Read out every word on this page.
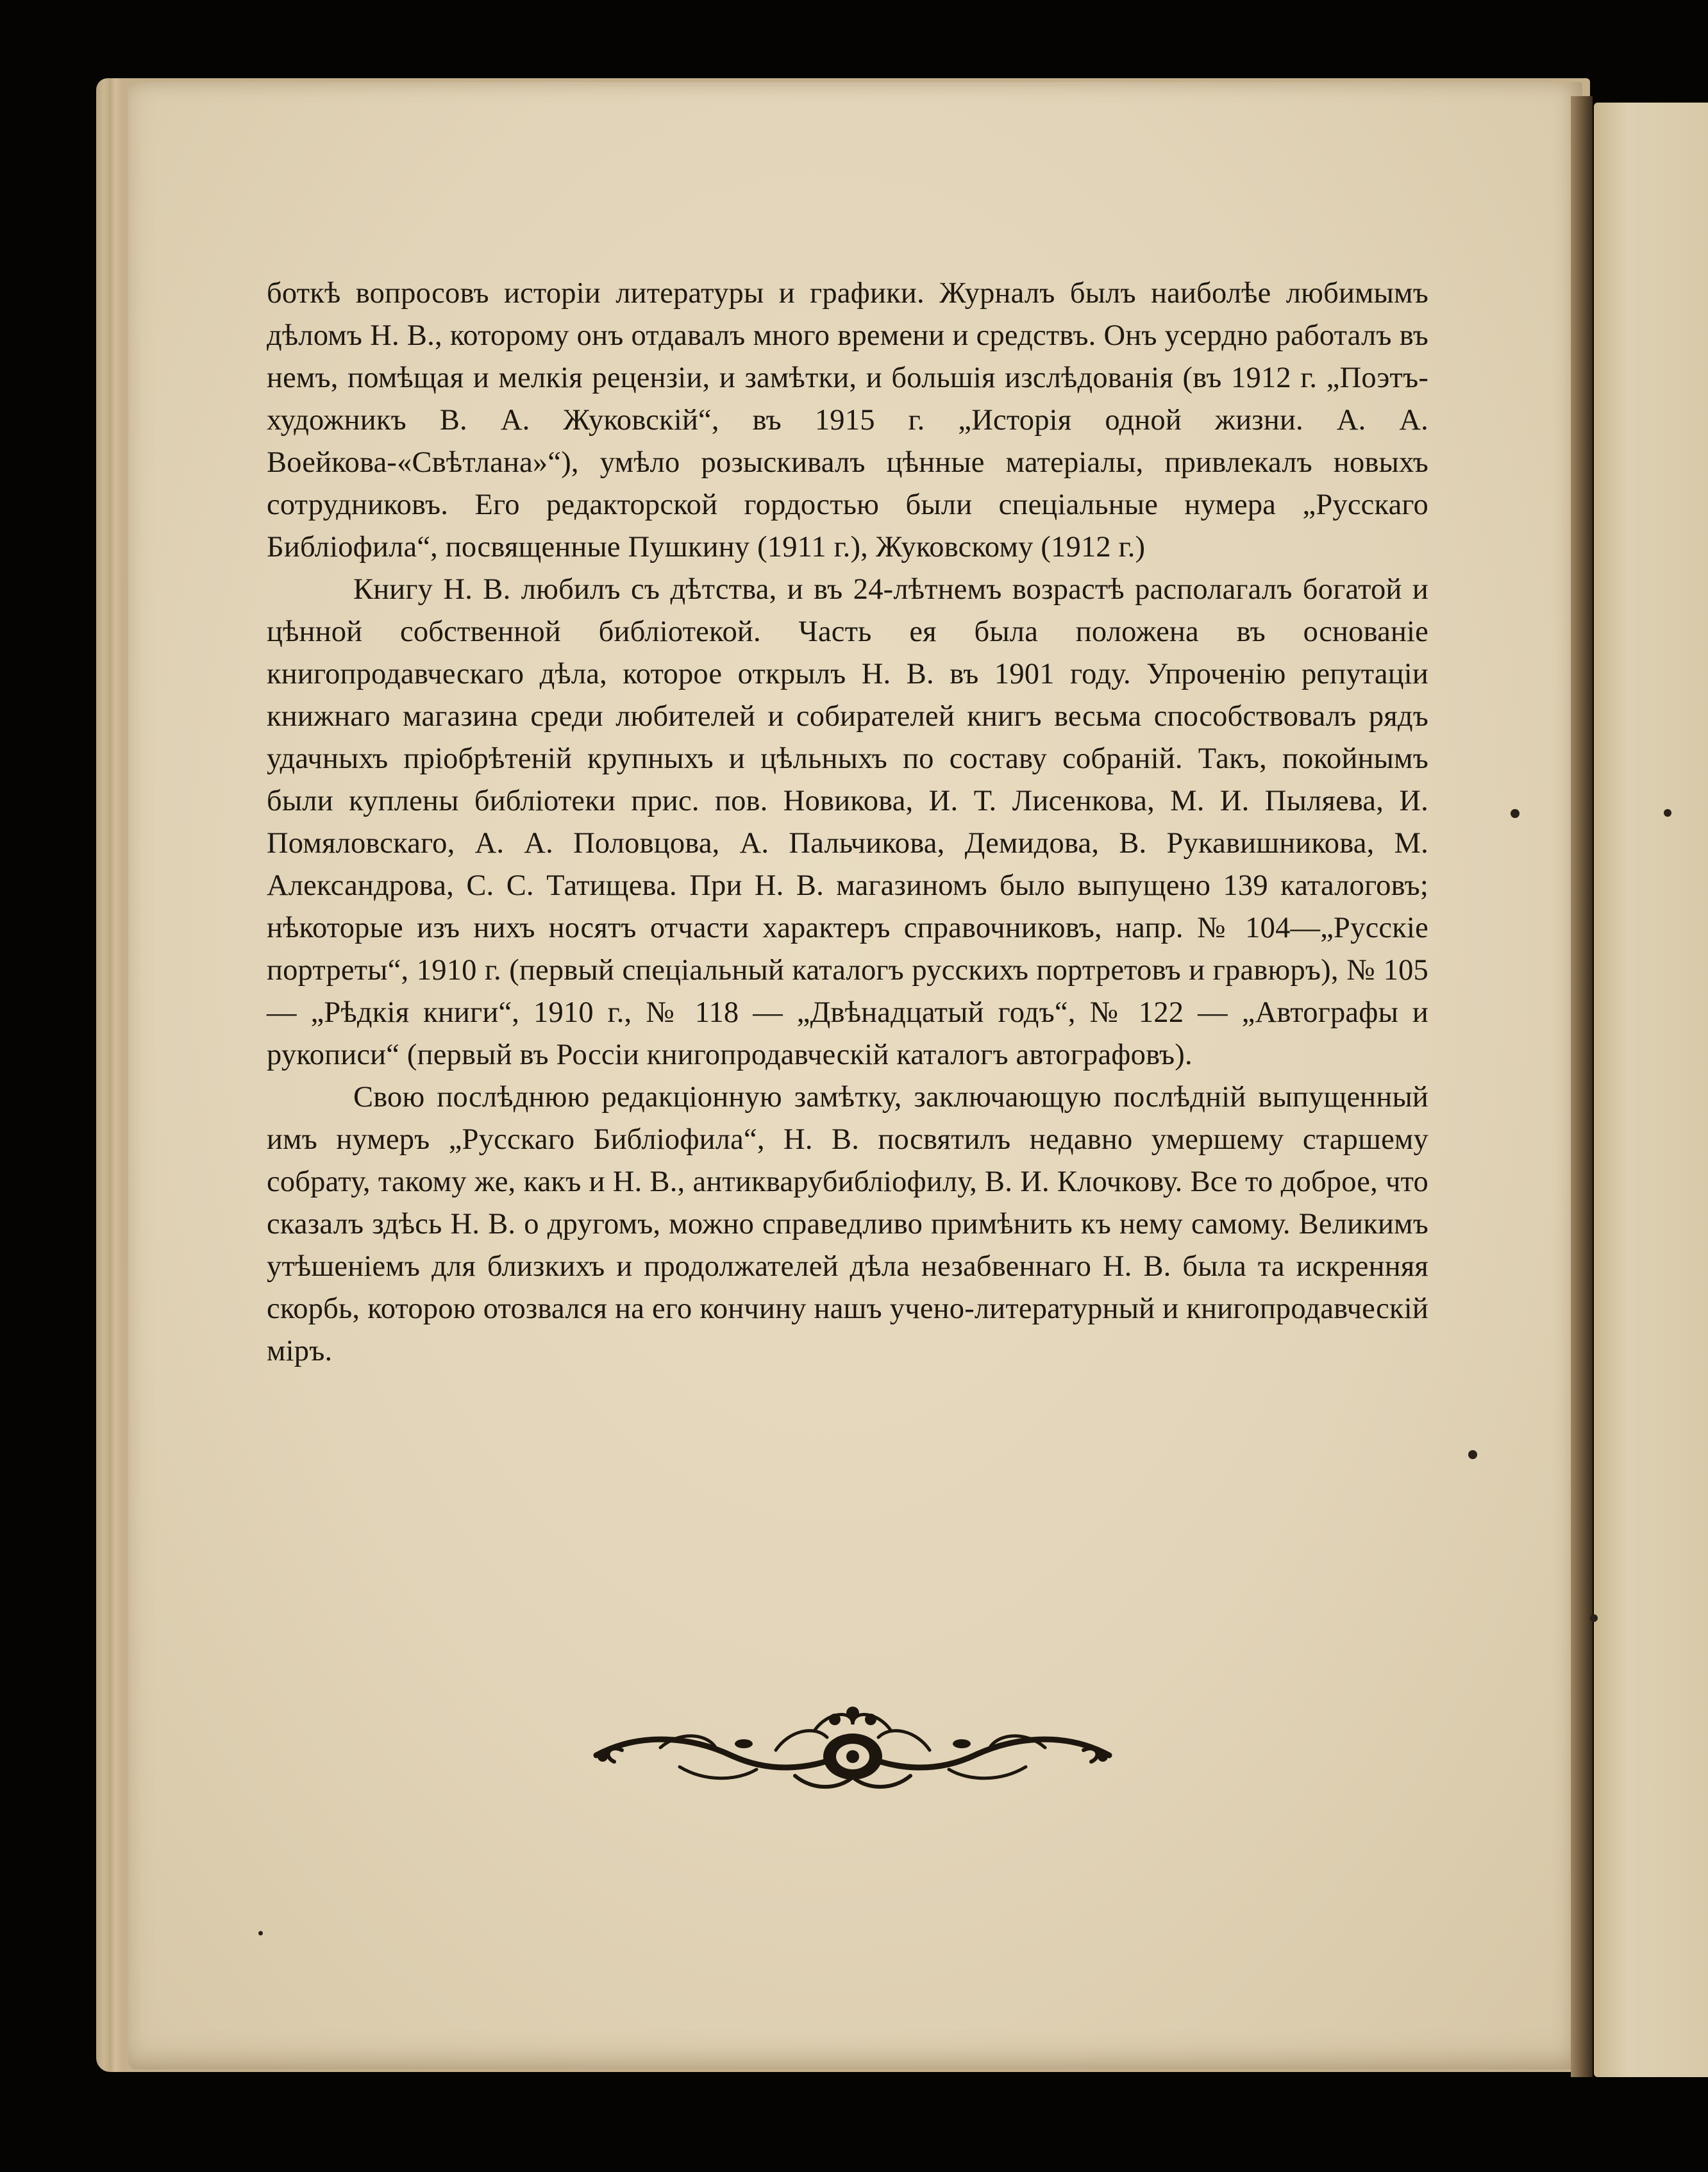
боткѣ вопросовъ исторіи литературы и графики. Журналъ былъ наиболѣе любимымъ дѣломъ Н. В., которому онъ отдавалъ много времени и средствъ. Онъ усердно работалъ въ немъ, помѣщая и мелкія рецензіи, и замѣтки, и большія изслѣдованія (въ 1912 г. „Поэтъ-художникъ В. А. Жуковскій“, въ 1915 г. „Исторія одной жизни. А. А. Воейкова-«Свѣтлана»“), умѣло розыскивалъ цѣнные матеріалы, привлекалъ новыхъ сотрудниковъ. Его редакторской гордостью были спеціальные нумера „Русскаго Библіофила“, посвященные Пушкину (1911 г.), Жуковскому (1912 г.)

Книгу Н. В. любилъ съ дѣтства, и въ 24-лѣтнемъ возрастѣ располагалъ богатой и цѣнной собственной библіотекой. Часть ея была положена въ основаніе книгопродавческаго дѣла, которое открылъ Н. В. въ 1901 году. Упроченію репутаціи книжнаго магазина среди любителей и собирателей книгъ весьма способствовалъ рядъ удачныхъ пріобрѣтеній крупныхъ и цѣльныхъ по составу собраній. Такъ, покойнымъ были куплены библіотеки прис. пов. Новикова, И. Т. Лисенкова, М. И. Пыляева, И. Помяловскаго, А. А. Половцова, А. Пальчикова, Демидова, В. Рукавишникова, М. Александрова, С. С. Татищева. При Н. В. магазиномъ было выпущено 139 каталоговъ; нѣкоторые изъ нихъ носятъ отчасти характеръ справочниковъ, напр. № 104—„Русскіе портреты“, 1910 г. (первый спеціальный каталогъ русскихъ портретовъ и гравюръ), № 105 — „Рѣдкія книги“, 1910 г., № 118 — „Двѣнадцатый годъ“, № 122 — „Автографы и рукописи“ (первый въ Россіи книгопродавческій каталогъ автографовъ).

Свою послѣднюю редакціонную замѣтку, заключающую послѣдній выпущенный имъ нумеръ „Русскаго Библіофила“, Н. В. посвятилъ недавно умершему старшему собрату, такому же, какъ и Н. В., антикварубиблiофилу, В. И. Клочкову. Все то доброе, что сказалъ здѣсь Н. В. о другомъ, можно справедливо примѣнить къ нему самому. Великимъ утѣшеніемъ для близкихъ и продолжателей дѣла незабвеннаго Н. В. была та искренняя скорбь, которою отозвался на его кончину нашъ учено-литературный и книгопродавческій міръ.
